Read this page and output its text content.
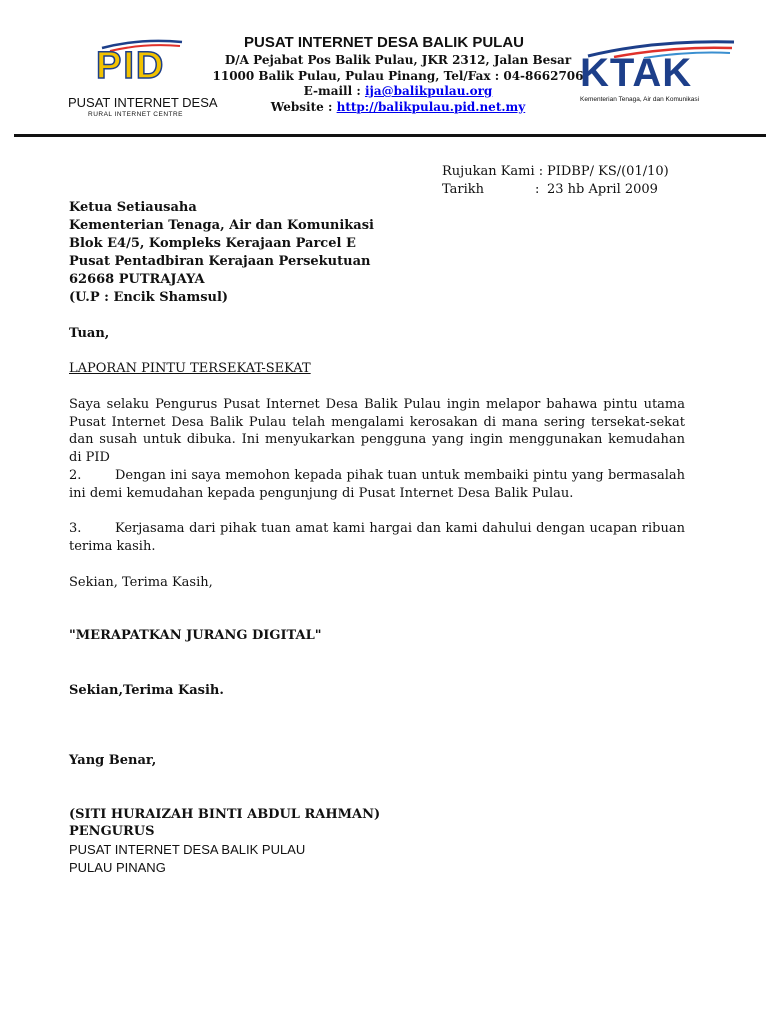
PID
PUSAT INTERNET DESA
RURAL INTERNET CENTRE
PUSAT INTERNET DESA BALIK PULAU
D/A Pejabat Pos Balik Pulau, JKR 2312, Jalan Besar
11000 Balik Pulau, Pulau Pinang, Tel/Fax : 04-8662706
E-maill : ija@balikpulau.org
Website : http://balikpulau.pid.net.my
KTAK
Kementerian Tenaga, Air dan Komunikasi
Rujukan Kami : PIDBP/ KS/(01/10)
Tarikh	: 23 hb April 2009
Ketua Setiausaha
Kementerian Tenaga, Air dan Komunikasi
Blok E4/5, Kompleks Kerajaan Parcel E
Pusat Pentadbiran Kerajaan Persekutuan
62668 PUTRAJAYA
(U.P : Encik Shamsul)
Tuan,
LAPORAN PINTU TERSEKAT-SEKAT
Saya selaku Pengurus Pusat Internet Desa Balik Pulau ingin melapor bahawa pintu utama Pusat Internet Desa Balik Pulau telah mengalami kerosakan di mana sering tersekat-sekat dan susah untuk dibuka. Ini menyukarkan pengguna yang ingin menggunakan kemudahan di PID
2.	Dengan ini saya memohon kepada pihak tuan untuk membaiki pintu yang bermasalah ini demi kemudahan kepada pengunjung di Pusat Internet Desa Balik Pulau.
3.	Kerjasama dari pihak tuan amat kami hargai dan kami dahului dengan ucapan ribuan terima kasih.
Sekian, Terima Kasih,
"MERAPATKAN JURANG DIGITAL"
Sekian,Terima Kasih.
Yang Benar,
(SITI HURAIZAH BINTI ABDUL RAHMAN)
PENGURUS
PUSAT INTERNET DESA BALIK PULAU
PULAU PINANG
